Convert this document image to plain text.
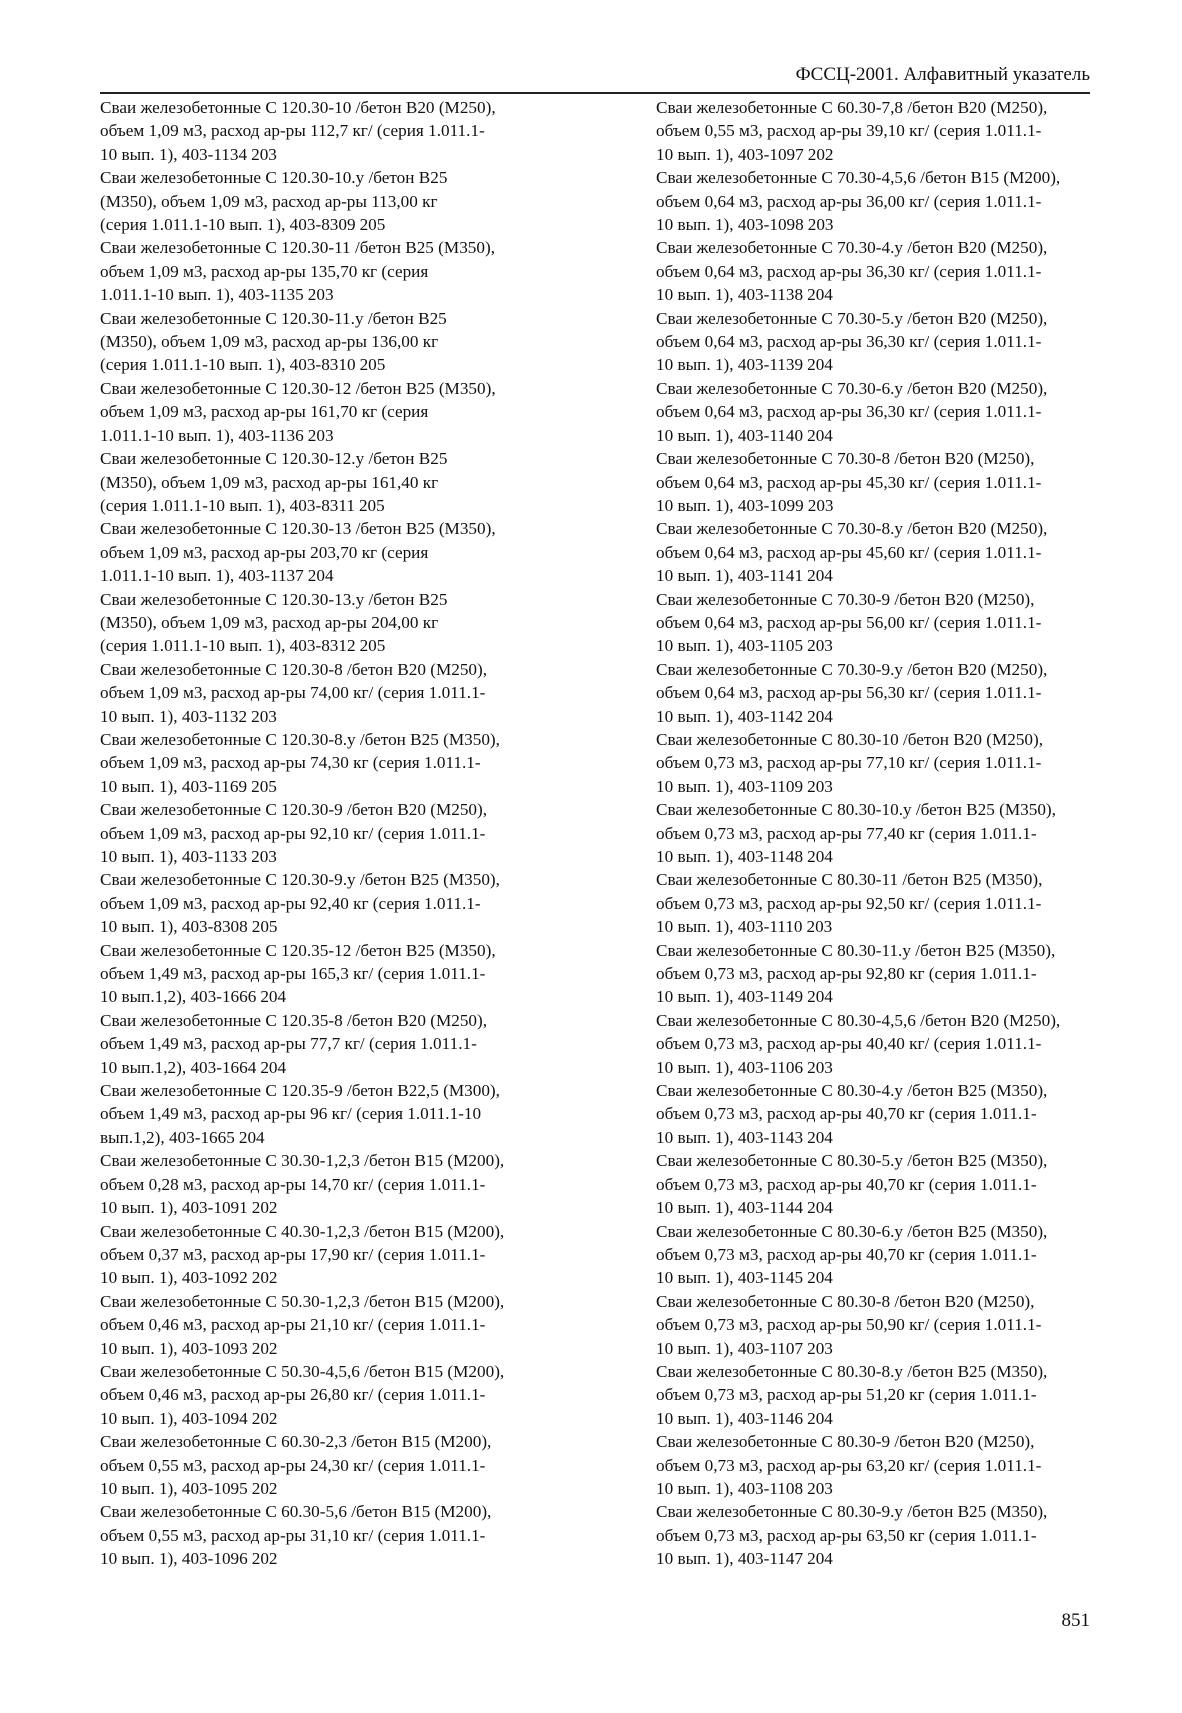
ФССЦ-2001. Алфавитный указатель

Сваи железобетонные С 120.30-10 /бетон В20 (М250),
объем 1,09 м3, расход ар-ры 112,7 кг/ (серия 1.011.1-
10 вып. 1), 403-1134 203

Сваи железобетонные С 120.30-10.у /бетон В25
(М350), объем 1,09 м3, расход ар-ры 113,00 кг
(серия 1.011.1-10 вып. 1), 403-8309 205

Сваи железобетонные С 120.30-11 /бетон В25 (М350),
объем 1,09 м3, расход ар-ры 135,70 кг (серия
1.011.1-10 вып. 1), 403-1135 203

Сваи железобетонные С 120.30-11.у /бетон В25
(М350), объем 1,09 м3, расход ар-ры 136,00 кг
(серия 1.011.1-10 вып. 1), 403-8310 205

Сваи железобетонные С 120.30-12 /бетон В25 (М350),
объем 1,09 м3, расход ар-ры 161,70 кг (серия
1.011.1-10 вып. 1), 403-1136 203

Сваи железобетонные С 120.30-12.у /бетон В25
(М350), объем 1,09 м3, расход ар-ры 161,40 кг
(серия 1.011.1-10 вып. 1), 403-8311 205

Сваи железобетонные С 120.30-13 /бетон В25 (М350),
объем 1,09 м3, расход ар-ры 203,70 кг (серия
1.011.1-10 вып. 1), 403-1137 204

Сваи железобетонные С 120.30-13.у /бетон В25
(М350), объем 1,09 м3, расход ар-ры 204,00 кг
(серия 1.011.1-10 вып. 1), 403-8312 205

Сваи железобетонные С 120.30-8 /бетон В20 (М250),
объем 1,09 м3, расход ар-ры 74,00 кг/ (серия 1.011.1-
10 вып. 1), 403-1132 203

Сваи железобетонные С 120.30-8.у /бетон В25 (М350),
объем 1,09 м3, расход ар-ры 74,30 кг (серия 1.011.1-
10 вып. 1), 403-1169 205

Сваи железобетонные С 120.30-9 /бетон В20 (М250),
объем 1,09 м3, расход ар-ры 92,10 кг/ (серия 1.011.1-
10 вып. 1), 403-1133 203

Сваи железобетонные С 120.30-9.у /бетон В25 (М350),
объем 1,09 м3, расход ар-ры 92,40 кг (серия 1.011.1-
10 вып. 1), 403-8308 205

Сваи железобетонные С 120.35-12 /бетон В25 (М350),
объем 1,49 м3, расход ар-ры 165,3 кг/ (серия 1.011.1-
10 вып.1,2), 403-1666 204

Сваи железобетонные С 120.35-8 /бетон В20 (М250),
объем 1,49 м3, расход ар-ры 77,7 кг/ (серия 1.011.1-
10 вып.1,2), 403-1664 204

Сваи железобетонные С 120.35-9 /бетон В22,5 (М300),
объем 1,49 м3, расход ар-ры 96 кг/ (серия 1.011.1-10
вып.1,2), 403-1665 204

Сваи железобетонные С 30.30-1,2,3 /бетон В15 (М200),
объем 0,28 м3, расход ар-ры 14,70 кг/ (серия 1.011.1-
10 вып. 1), 403-1091 202

Сваи железобетонные С 40.30-1,2,3 /бетон В15 (М200),
объем 0,37 м3, расход ар-ры 17,90 кг/ (серия 1.011.1-
10 вып. 1), 403-1092 202

Сваи железобетонные С 50.30-1,2,3 /бетон В15 (М200),
объем 0,46 м3, расход ар-ры 21,10 кг/ (серия 1.011.1-
10 вып. 1), 403-1093 202

Сваи железобетонные С 50.30-4,5,6 /бетон В15 (М200),
объем 0,46 м3, расход ар-ры 26,80 кг/ (серия 1.011.1-
10 вып. 1), 403-1094 202

Сваи железобетонные С 60.30-2,3 /бетон В15 (М200),
объем 0,55 м3, расход ар-ры 24,30 кг/ (серия 1.011.1-
10 вып. 1), 403-1095 202

Сваи железобетонные С 60.30-5,6 /бетон В15 (М200),
объем 0,55 м3, расход ар-ры 31,10 кг/ (серия 1.011.1-
10 вып. 1), 403-1096 202

Сваи железобетонные С 60.30-7,8 /бетон В20 (М250),
объем 0,55 м3, расход ар-ры 39,10 кг/ (серия 1.011.1-
10 вып. 1), 403-1097 202

Сваи железобетонные С 70.30-4,5,6 /бетон В15 (М200),
объем 0,64 м3, расход ар-ры 36,00 кг/ (серия 1.011.1-
10 вып. 1), 403-1098 203

Сваи железобетонные С 70.30-4.у /бетон В20 (М250),
объем 0,64 м3, расход ар-ры 36,30 кг/ (серия 1.011.1-
10 вып. 1), 403-1138 204

Сваи железобетонные С 70.30-5.у /бетон В20 (М250),
объем 0,64 м3, расход ар-ры 36,30 кг/ (серия 1.011.1-
10 вып. 1), 403-1139 204

Сваи железобетонные С 70.30-6.у /бетон В20 (М250),
объем 0,64 м3, расход ар-ры 36,30 кг/ (серия 1.011.1-
10 вып. 1), 403-1140 204

Сваи железобетонные С 70.30-8 /бетон В20 (М250),
объем 0,64 м3, расход ар-ры 45,30 кг/ (серия 1.011.1-
10 вып. 1), 403-1099 203

Сваи железобетонные С 70.30-8.у /бетон В20 (М250),
объем 0,64 м3, расход ар-ры 45,60 кг/ (серия 1.011.1-
10 вып. 1), 403-1141 204

Сваи железобетонные С 70.30-9 /бетон В20 (М250),
объем 0,64 м3, расход ар-ры 56,00 кг/ (серия 1.011.1-
10 вып. 1), 403-1105 203

Сваи железобетонные С 70.30-9.у /бетон В20 (М250),
объем 0,64 м3, расход ар-ры 56,30 кг/ (серия 1.011.1-
10 вып. 1), 403-1142 204

Сваи железобетонные С 80.30-10 /бетон В20 (М250),
объем 0,73 м3, расход ар-ры 77,10 кг/ (серия 1.011.1-
10 вып. 1), 403-1109 203

Сваи железобетонные С 80.30-10.у /бетон В25 (М350),
объем 0,73 м3, расход ар-ры 77,40 кг (серия 1.011.1-
10 вып. 1), 403-1148 204

Сваи железобетонные С 80.30-11 /бетон В25 (М350),
объем 0,73 м3, расход ар-ры 92,50 кг/ (серия 1.011.1-
10 вып. 1), 403-1110 203

Сваи железобетонные С 80.30-11.у /бетон В25 (М350),
объем 0,73 м3, расход ар-ры 92,80 кг (серия 1.011.1-
10 вып. 1), 403-1149 204

Сваи железобетонные С 80.30-4,5,6 /бетон В20 (М250),
объем 0,73 м3, расход ар-ры 40,40 кг/ (серия 1.011.1-
10 вып. 1), 403-1106 203

Сваи железобетонные С 80.30-4.у /бетон В25 (М350),
объем 0,73 м3, расход ар-ры 40,70 кг (серия 1.011.1-
10 вып. 1), 403-1143 204

Сваи железобетонные С 80.30-5.у /бетон В25 (М350),
объем 0,73 м3, расход ар-ры 40,70 кг (серия 1.011.1-
10 вып. 1), 403-1144 204

Сваи железобетонные С 80.30-6.у /бетон В25 (М350),
объем 0,73 м3, расход ар-ры 40,70 кг (серия 1.011.1-
10 вып. 1), 403-1145 204

Сваи железобетонные С 80.30-8 /бетон В20 (М250),
объем 0,73 м3, расход ар-ры 50,90 кг/ (серия 1.011.1-
10 вып. 1), 403-1107 203

Сваи железобетонные С 80.30-8.у /бетон В25 (М350),
объем 0,73 м3, расход ар-ры 51,20 кг (серия 1.011.1-
10 вып. 1), 403-1146 204

Сваи железобетонные С 80.30-9 /бетон В20 (М250),
объем 0,73 м3, расход ар-ры 63,20 кг/ (серия 1.011.1-
10 вып. 1), 403-1108 203

Сваи железобетонные С 80.30-9.у /бетон В25 (М350),
объем 0,73 м3, расход ар-ры 63,50 кг (серия 1.011.1-
10 вып. 1), 403-1147 204

851
